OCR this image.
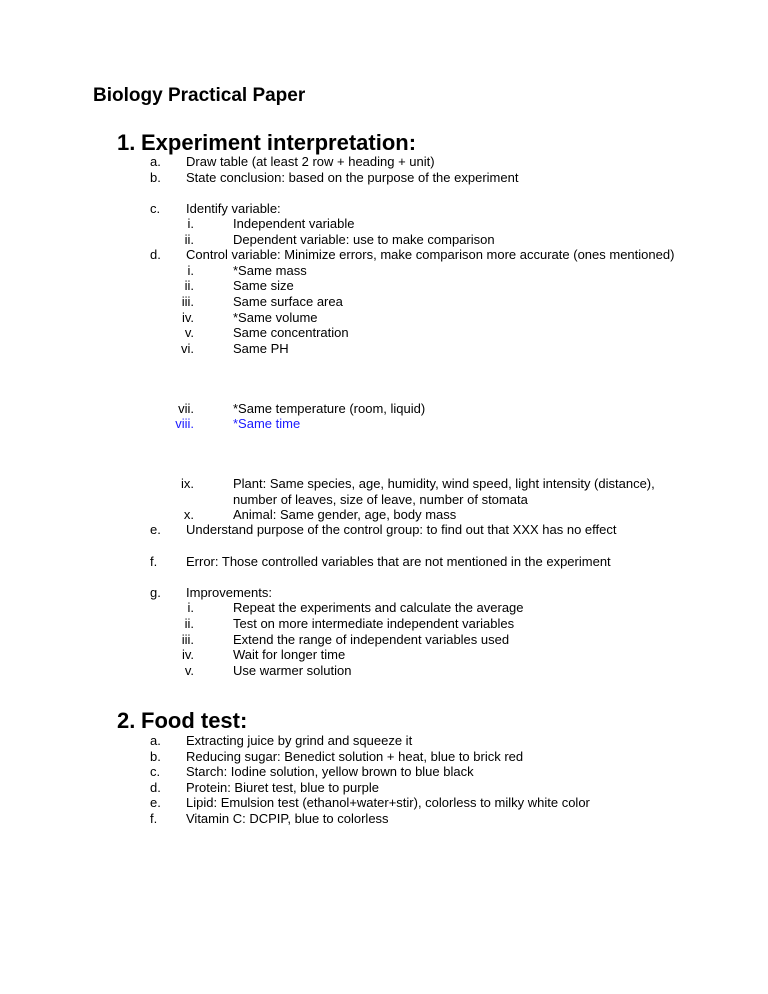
Biology Practical Paper
1. Experiment interpretation:
a.	Draw table (at least 2 row + heading + unit)
b.	State conclusion: based on the purpose of the experiment
c.	Identify variable:
i.	Independent variable
ii.	Dependent variable: use to make comparison
d.	Control variable: Minimize errors, make comparison more accurate (ones mentioned)
i.	*Same mass
ii.	Same size
iii.	Same surface area
iv.	*Same volume
v.	Same concentration
vi.	Same PH
vii.	*Same temperature (room, liquid)
viii.	*Same time
ix.	Plant: Same species, age, humidity, wind speed, light intensity (distance),
number of leaves, size of leave, number of stomata
x.	Animal: Same gender, age, body mass
e.	Understand purpose of the control group: to find out that XXX has no effect
f.	Error: Those controlled variables that are not mentioned in the experiment
g.	Improvements:
i.	Repeat the experiments and calculate the average
ii.	Test on more intermediate independent variables
iii.	Extend the range of independent variables used
iv.	Wait for longer time
v.	Use warmer solution
2. Food test:
a.	Extracting juice by grind and squeeze it
b.	Reducing sugar: Benedict solution + heat, blue to brick red
c.	Starch: Iodine solution, yellow brown to blue black
d.	Protein: Biuret test, blue to purple
e.	Lipid: Emulsion test (ethanol+water+stir), colorless to milky white color
f.	Vitamin C: DCPIP, blue to colorless
